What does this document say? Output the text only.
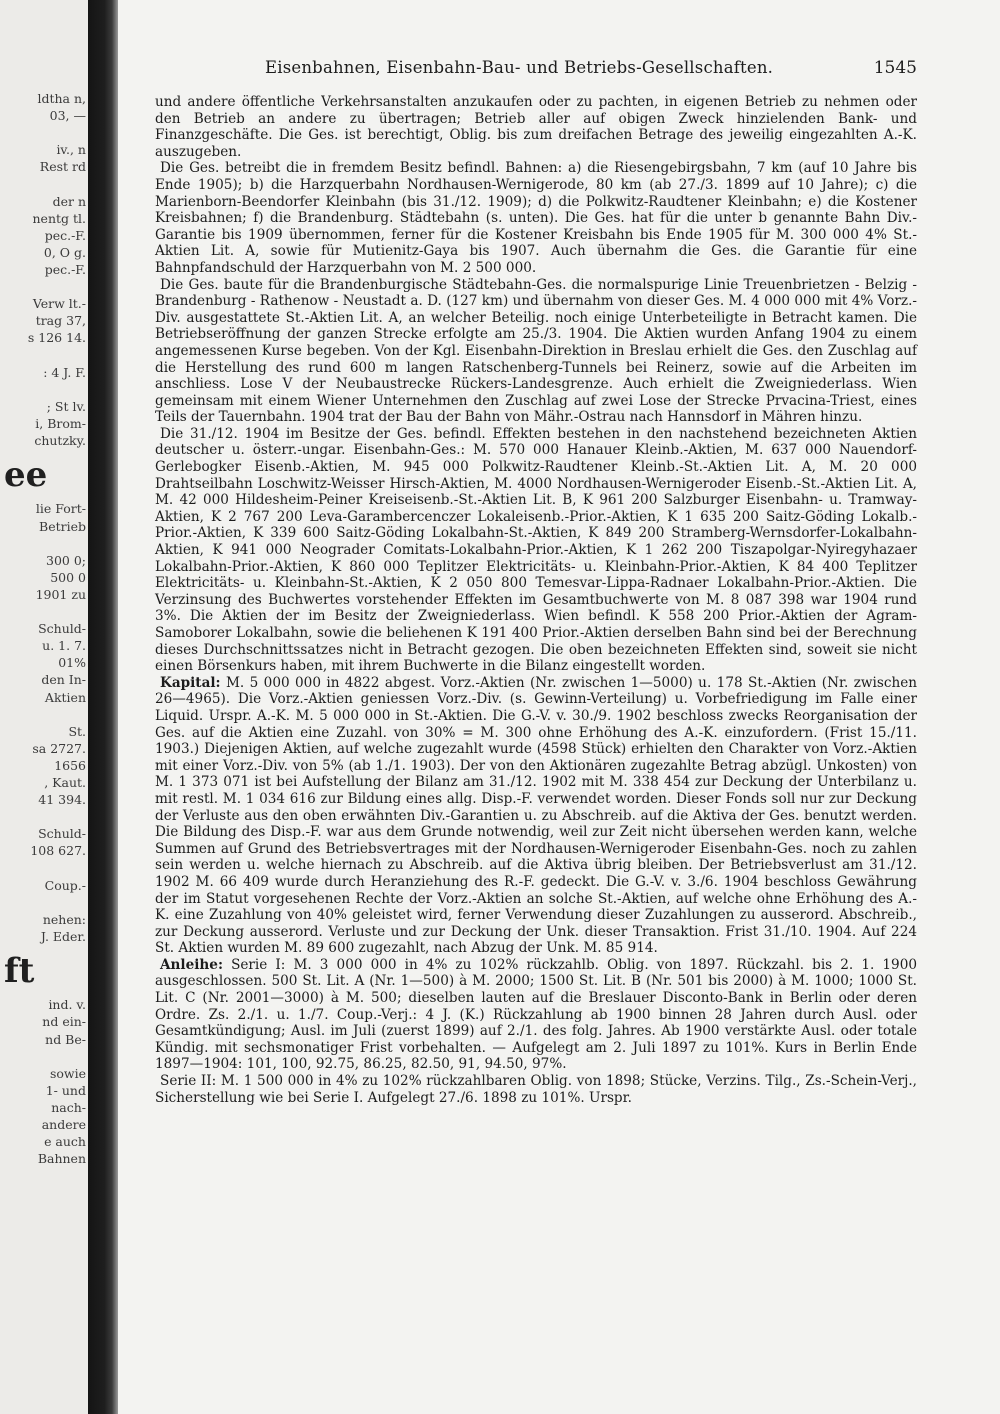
ldtha n,
03, —
iv., n
Rest rd
der n
nentg tl.
pec.-F.
0, O g.
pec.-F.
Verw lt.-
trag 37,
s 126 14.
: 4 J. F.
; St lv.
i, Brom-
chutzky.
ee
lie Fort-
Betrieb
300 0;
500 0
1901 zu
Schuld-
u. 1. 7.
01%
den In-
Aktien
St.
sa 2727.
1656
, Kaut.
41 394.
Schuld-
108 627.
Coup.-
nehen:
J. Eder.
ft
ind. v.
nd ein-
nd Be-
sowie
1- und
nach-
andere
e auch
Bahnen
Eisenbahnen, Eisenbahn-Bau- und Betriebs-Gesellschaften.	1545

und andere öffentliche Verkehrsanstalten anzukaufen oder zu pachten, in eigenen Betrieb zu nehmen oder den Betrieb an andere zu übertragen; Betrieb aller auf obigen Zweck hinzielenden Bank- und Finanzgeschäfte. Die Ges. ist berechtigt, Oblig. bis zum dreifachen Betrage des jeweilig eingezahlten A.-K. auszugeben.

Die Ges. betreibt die in fremdem Besitz befindl. Bahnen: a) die Riesengebirgsbahn, 7 km (auf 10 Jahre bis Ende 1905); b) die Harzquerbahn Nordhausen-Wernigerode, 80 km (ab 27./3. 1899 auf 10 Jahre); c) die Marienborn-Beendorfer Kleinbahn (bis 31./12. 1909); d) die Polkwitz-Raudtener Kleinbahn; e) die Kostener Kreisbahnen; f) die Brandenburg. Städtebahn (s. unten). Die Ges. hat für die unter b genannte Bahn Div.-Garantie bis 1909 übernommen, ferner für die Kostener Kreisbahn bis Ende 1905 für M. 300 000 4% St.-Aktien Lit. A, sowie für Mutienitz-Gaya bis 1907. Auch übernahm die Ges. die Garantie für eine Bahnpfandschuld der Harzquerbahn von M. 2 500 000.

Die Ges. baute für die Brandenburgische Städtebahn-Ges. die normalspurige Linie Treuenbrietzen - Belzig - Brandenburg - Rathenow - Neustadt a. D. (127 km) und übernahm von dieser Ges. M. 4 000 000 mit 4% Vorz.-Div. ausgestattete St.-Aktien Lit. A, an welcher Beteilig. noch einige Unterbeteiligte in Betracht kamen. Die Betriebseröffnung der ganzen Strecke erfolgte am 25./3. 1904. Die Aktien wurden Anfang 1904 zu einem angemessenen Kurse begeben. Von der Kgl. Eisenbahn-Direktion in Breslau erhielt die Ges. den Zuschlag auf die Herstellung des rund 600 m langen Ratschenberg-Tunnels bei Reinerz, sowie auf die Arbeiten im anschliess. Lose V der Neubaustrecke Rückers-Landesgrenze. Auch erhielt die Zweigniederlass. Wien gemeinsam mit einem Wiener Unternehmen den Zuschlag auf zwei Lose der Strecke Prvacina-Triest, eines Teils der Tauernbahn. 1904 trat der Bau der Bahn von Mähr.-Ostrau nach Hannsdorf in Mähren hinzu.

Die 31./12. 1904 im Besitze der Ges. befindl. Effekten bestehen in den nachstehend bezeichneten Aktien deutscher u. österr.-ungar. Eisenbahn-Ges.: M. 570 000 Hanauer Kleinb.-Aktien, M. 637 000 Nauendorf-Gerlebogker Eisenb.-Aktien, M. 945 000 Polkwitz-Raudtener Kleinb.-St.-Aktien Lit. A, M. 20 000 Drahtseilbahn Loschwitz-Weisser Hirsch-Aktien, M. 4000 Nordhausen-Wernigeroder Eisenb.-St.-Aktien Lit. A, M. 42 000 Hildesheim-Peiner Kreiseisenb.-St.-Aktien Lit. B, K 961 200 Salzburger Eisenbahn- u. Tramway-Aktien, K 2 767 200 Leva-Garambercenczer Lokaleisenb.-Prior.-Aktien, K 1 635 200 Saitz-Göding Lokalb.-Prior.-Aktien, K 339 600 Saitz-Göding Lokalbahn-St.-Aktien, K 849 200 Stramberg-Wernsdorfer-Lokalbahn-Aktien, K 941 000 Neograder Comitats-Lokalbahn-Prior.-Aktien, K 1 262 200 Tiszapolgar-Nyiregyhazaer Lokalbahn-Prior.-Aktien, K 860 000 Teplitzer Elektricitäts- u. Kleinbahn-Prior.-Aktien, K 84 400 Teplitzer Elektricitäts- u. Kleinbahn-St.-Aktien, K 2 050 800 Temesvar-Lippa-Radnaer Lokalbahn-Prior.-Aktien. Die Verzinsung des Buchwertes vorstehender Effekten im Gesamtbuchwerte von M. 8 087 398 war 1904 rund 3%. Die Aktien der im Besitz der Zweigniederlass. Wien befindl. K 558 200 Prior.-Aktien der Agram-Samoborer Lokalbahn, sowie die beliehenen K 191 400 Prior.-Aktien derselben Bahn sind bei der Berechnung dieses Durchschnittssatzes nicht in Betracht gezogen. Die oben bezeichneten Effekten sind, soweit sie nicht einen Börsenkurs haben, mit ihrem Buchwerte in die Bilanz eingestellt worden.

Kapital: M. 5 000 000 in 4822 abgest. Vorz.-Aktien (Nr. zwischen 1—5000) u. 178 St.-Aktien (Nr. zwischen 26—4965). Die Vorz.-Aktien geniessen Vorz.-Div. (s. Gewinn-Verteilung) u. Vorbefriedigung im Falle einer Liquid. Urspr. A.-K. M. 5 000 000 in St.-Aktien. Die G.-V. v. 30./9. 1902 beschloss zwecks Reorganisation der Ges. auf die Aktien eine Zuzahl. von 30% = M. 300 ohne Erhöhung des A.-K. einzufordern. (Frist 15./11. 1903.) Diejenigen Aktien, auf welche zugezahlt wurde (4598 Stück) erhielten den Charakter von Vorz.-Aktien mit einer Vorz.-Div. von 5% (ab 1./1. 1903). Der von den Aktionären zugezahlte Betrag abzügl. Unkosten) von M. 1 373 071 ist bei Aufstellung der Bilanz am 31./12. 1902 mit M. 338 454 zur Deckung der Unterbilanz u. mit restl. M. 1 034 616 zur Bildung eines allg. Disp.-F. verwendet worden. Dieser Fonds soll nur zur Deckung der Verluste aus den oben erwähnten Div.-Garantien u. zu Abschreib. auf die Aktiva der Ges. benutzt werden. Die Bildung des Disp.-F. war aus dem Grunde notwendig, weil zur Zeit nicht übersehen werden kann, welche Summen auf Grund des Betriebsvertrages mit der Nordhausen-Wernigeroder Eisenbahn-Ges. noch zu zahlen sein werden u. welche hiernach zu Abschreib. auf die Aktiva übrig bleiben. Der Betriebsverlust am 31./12. 1902 M. 66 409 wurde durch Heranziehung des R.-F. gedeckt. Die G.-V. v. 3./6. 1904 beschloss Gewährung der im Statut vorgesehenen Rechte der Vorz.-Aktien an solche St.-Aktien, auf welche ohne Erhöhung des A.-K. eine Zuzahlung von 40% geleistet wird, ferner Verwendung dieser Zuzahlungen zu ausserord. Abschreib., zur Deckung ausserord. Verluste und zur Deckung der Unk. dieser Transaktion. Frist 31./10. 1904. Auf 224 St. Aktien wurden M. 89 600 zugezahlt, nach Abzug der Unk. M. 85 914.

Anleihe: Serie I: M. 3 000 000 in 4% zu 102% rückzahlb. Oblig. von 1897. Rückzahl. bis 2. 1. 1900 ausgeschlossen. 500 St. Lit. A (Nr. 1—500) à M. 2000; 1500 St. Lit. B (Nr. 501 bis 2000) à M. 1000; 1000 St. Lit. C (Nr. 2001—3000) à M. 500; dieselben lauten auf die Breslauer Disconto-Bank in Berlin oder deren Ordre. Zs. 2./1. u. 1./7. Coup.-Verj.: 4 J. (K.) Rückzahlung ab 1900 binnen 28 Jahren durch Ausl. oder Gesamtkündigung; Ausl. im Juli (zuerst 1899) auf 2./1. des folg. Jahres. Ab 1900 verstärkte Ausl. oder totale Kündig. mit sechsmonatiger Frist vorbehalten. — Aufgelegt am 2. Juli 1897 zu 101%. Kurs in Berlin Ende 1897—1904: 101, 100, 92.75, 86.25, 82.50, 91, 94.50, 97%.

Serie II: M. 1 500 000 in 4% zu 102% rückzahlbaren Oblig. von 1898; Stücke, Verzins. Tilg., Zs.-Schein-Verj., Sicherstellung wie bei Serie I. Aufgelegt 27./6. 1898 zu 101%. Urspr.
